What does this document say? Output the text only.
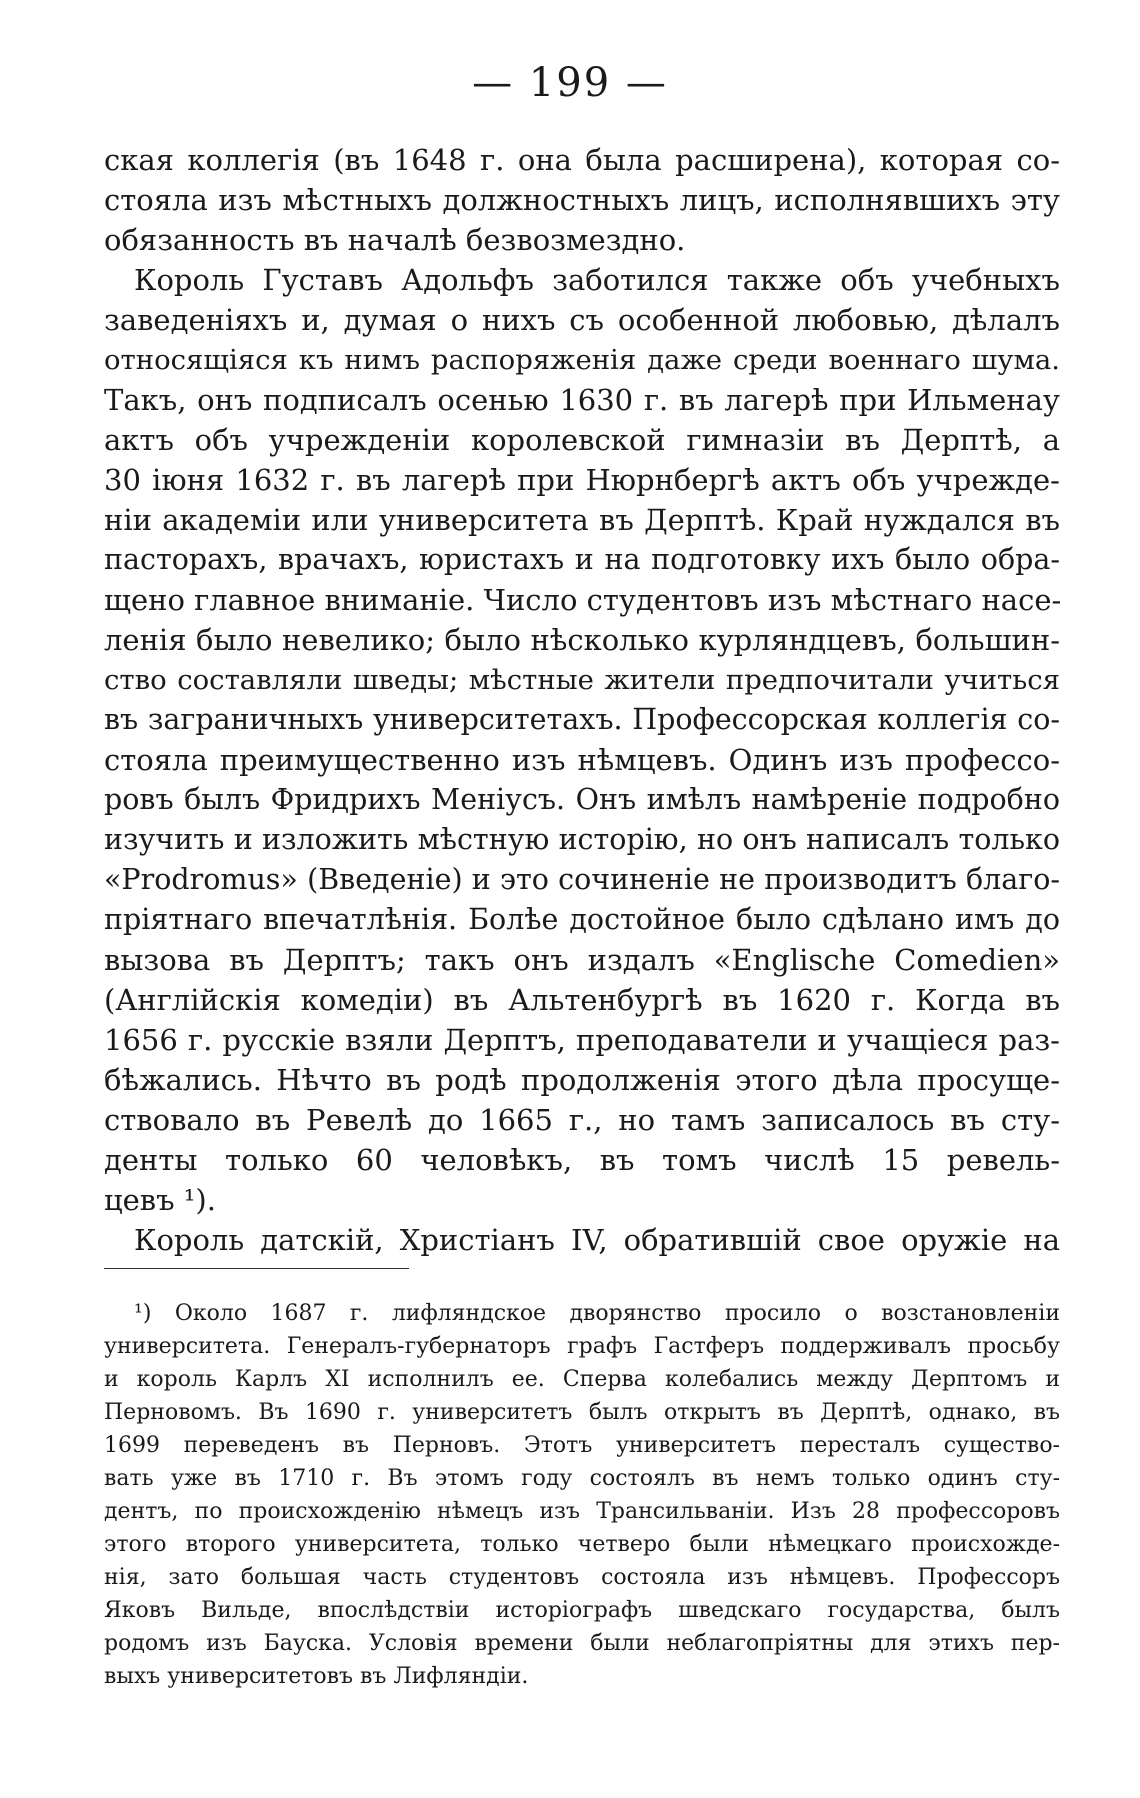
— 199 —
ская коллегія (въ 1648 г. она была расширена), которая со-
стояла изъ мѣстныхъ должностныхъ лицъ, исполнявшихъ эту
обязанность въ началѣ безвозмездно.
Король Густавъ Адольфъ заботился также объ учебныхъ
заведеніяхъ и, думая о нихъ съ особенной любовью, дѣлалъ
относящіяся къ нимъ распоряженія даже среди военнаго шума.
Такъ, онъ подписалъ осенью 1630 г. въ лагерѣ при Ильменау
актъ объ учрежденіи королевской гимназіи въ Дерптѣ, а
30 іюня 1632 г. въ лагерѣ при Нюрнбергѣ актъ объ учрежде-
ніи академіи или университета въ Дерптѣ. Край нуждался въ
пасторахъ, врачахъ, юристахъ и на подготовку ихъ было обра-
щено главное вниманіе. Число студентовъ изъ мѣстнаго насе-
ленія было невелико; было нѣсколько курляндцевъ, большин-
ство составляли шведы; мѣстные жители предпочитали учиться
въ заграничныхъ университетахъ. Профессорская коллегія со-
стояла преимущественно изъ нѣмцевъ. Одинъ изъ профессо-
ровъ былъ Фридрихъ Меніусъ. Онъ имѣлъ намѣреніе подробно
изучить и изложить мѣстную исторію, но онъ написалъ только
«Prodromus» (Введеніе) и это сочиненіе не производитъ благо-
пріятнаго впечатлѣнія. Болѣе достойное было сдѣлано имъ до
вызова въ Дерптъ; такъ онъ издалъ «Englische Comedien»
(Англійскія комедіи) въ Альтенбургѣ въ 1620 г. Когда въ
1656 г. русскіе взяли Дерптъ, преподаватели и учащіеся раз-
бѣжались. Нѣчто въ родѣ продолженія этого дѣла просуще-
ствовало въ Ревелѣ до 1665 г., но тамъ записалось въ сту-
денты только 60 человѣкъ, въ томъ числѣ 15 ревель-
цевъ ¹).
Король датскій, Христіанъ IV, обратившій свое оружіе на
¹) Около 1687 г. лифляндское дворянство просило о возстановленіи
университета. Генералъ-губернаторъ графъ Гастферъ поддерживалъ просьбу
и король Карлъ XI исполнилъ ее. Сперва колебались между Дерптомъ и
Перновомъ. Въ 1690 г. университетъ былъ открытъ въ Дерптѣ, однако, въ
1699 переведенъ въ Перновъ. Этотъ университетъ пересталъ существо-
вать уже въ 1710 г. Въ этомъ году состоялъ въ немъ только одинъ сту-
дентъ, по происхожденію нѣмецъ изъ Трансильваніи. Изъ 28 профессоровъ
этого второго университета, только четверо были нѣмецкаго происхожде-
нія, зато большая часть студентовъ состояла изъ нѣмцевъ. Профессоръ
Яковъ Вильде, впослѣдствіи исторіографъ шведскаго государства, былъ
родомъ изъ Бауска. Условія времени были неблагопріятны для этихъ пер-
выхъ университетовъ въ Лифляндіи.
